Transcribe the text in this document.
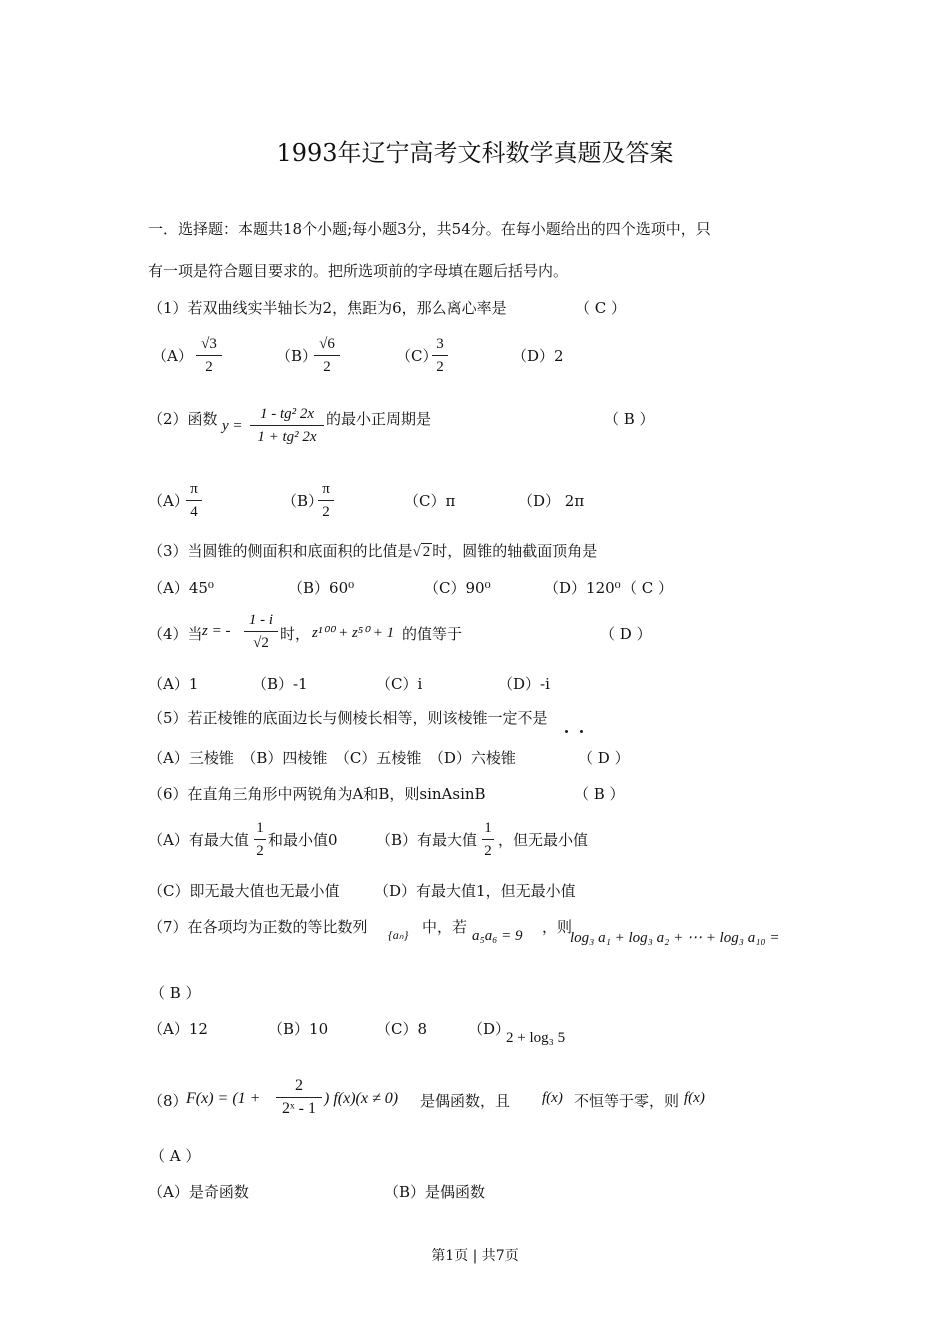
1993年辽宁高考文科数学真题及答案
一．选择题：本题共18个小题;每小题3分，共54分。在每小题给出的四个选项中，只
有一项是符合题目要求的。把所选项前的字母填在题后括号内。
（1）若双曲线实半轴长为2，焦距为6，那么离心率是	（ C ）
（A）
√3
2
（B）
√6
2
（C）
3
2
（D）2
（2）函数 y =
1 - tg² 2x
1 + tg² 2x
的最小正周期是	（ B ）
（A）
π
4
（B）
π
2
（C）π	（D） 2π
（3）当圆锥的侧面积和底面积的比值是√ 2 时，圆锥的轴截面顶角是
（A）45⁰	（B）60⁰	（C）90⁰	（D）120⁰ （ C ）
（4）当 z = -
1 - i
√2 时， z¹⁰⁰ + z⁵⁰ + 1 的值等于	（ D ）
（A）1	（B）-1	（C）i	（D）-i
（5）若正棱锥的底面边长与侧棱长相等，则该棱锥一定不是
（A）三棱锥　（B）四棱锥　（C）五棱锥　（D）六棱锥	（ D ）
（6）在直角三角形中两锐角为A和B，则sinAsinB	（ B ）
（A）有最大值
1
2
和最小值0	（B）有最大值
1
2
，但无最小值
（C）即无最大值也无最小值 （D）有最大值1，但无最小值
（7）在各项均为正数的等比数列 {aₙ} 中，若 a₅a₆ = 9 ，则
log₃ a₁ + log₃ a₂ + ⋯ + log₃ a₁₀ =
（ B ）
（A）12	（B）10	（C）8	（D）
2 + log₃ 5
（8）
F(x) = (1 +
2
2ˣ - 1
) f(x)(x ≠ 0) 是偶函数，且 f(x) 不恒等于零，则 f(x)
（ A ）
（A）是奇函数	（B）是偶函数
第1页 | 共7页
